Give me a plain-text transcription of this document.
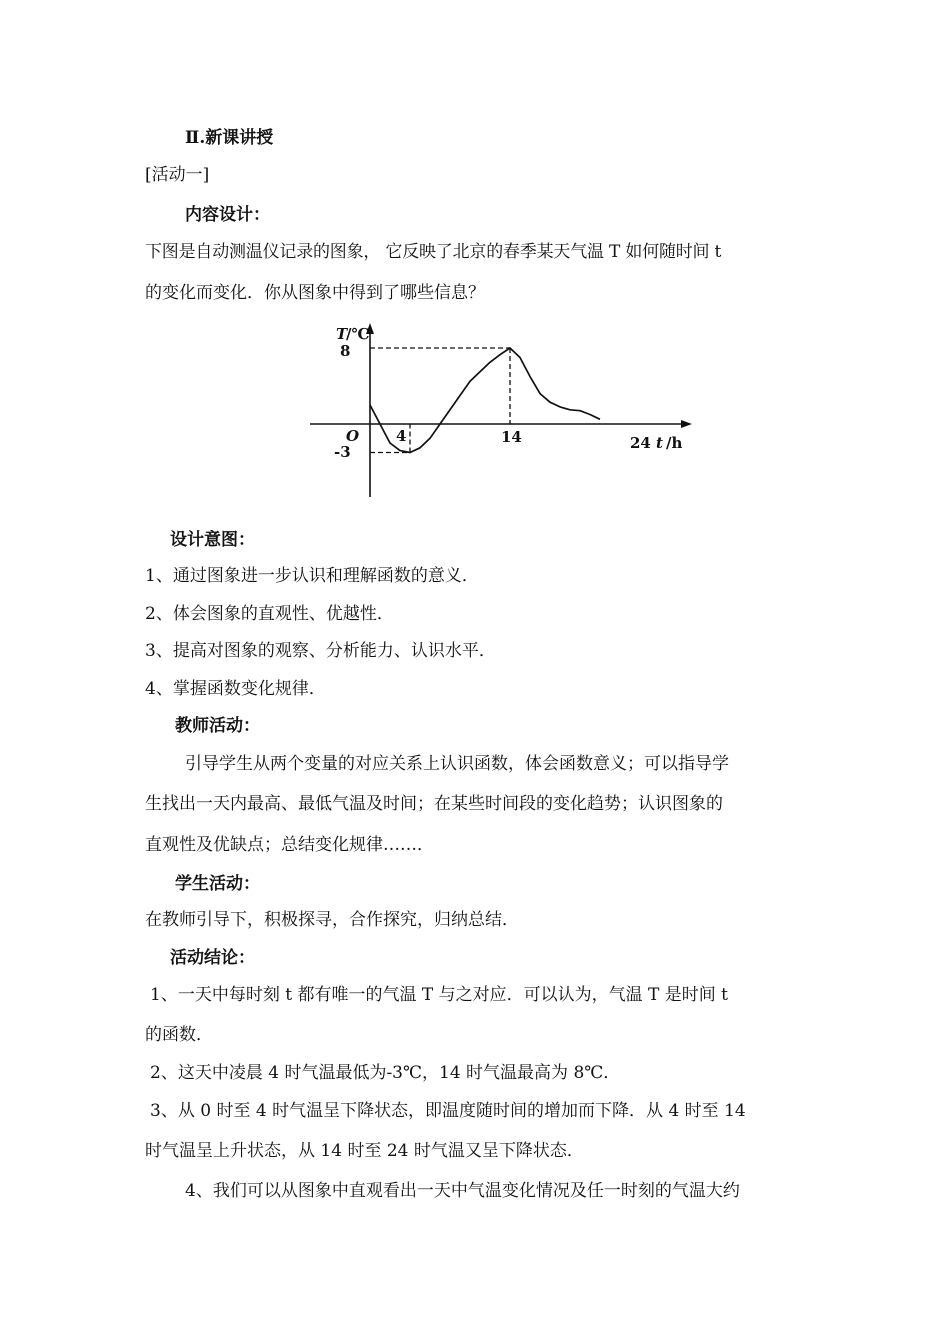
Ⅱ.新课讲授
[活动一]
内容设计：
下图是自动测温仪记录的图象， 它反映了北京的春季某天气温 T 如何随时间 t
的变化而变化．你从图象中得到了哪些信息？
T
/℃
8
-3
O 4	14	24 t /h
设计意图：
1、通过图象进一步认识和理解函数的意义．
2、体会图象的直观性、优越性．
3、提高对图象的观察、分析能力、认识水平．
4、掌握函数变化规律．
教师活动：
引导学生从两个变量的对应关系上认识函数，体会函数意义；可以指导学
生找出一天内最高、最低气温及时间；在某些时间段的变化趋势；认识图象的
直观性及优缺点；总结变化规律……．
学生活动：
在教师引导下，积极探寻，合作探究，归纳总结．
活动结论：
1、一天中每时刻 t 都有唯一的气温 T 与之对应．可以认为，气温 T 是时间 t
的函数．
2、这天中凌晨 4 时气温最低为-3℃，14 时气温最高为 8℃．
3、从 0 时至 4 时气温呈下降状态，即温度随时间的增加而下降．从 4 时至 14
时气温呈上升状态，从 14 时至 24 时气温又呈下降状态．
4、我们可以从图象中直观看出一天中气温变化情况及任一时刻的气温大约
